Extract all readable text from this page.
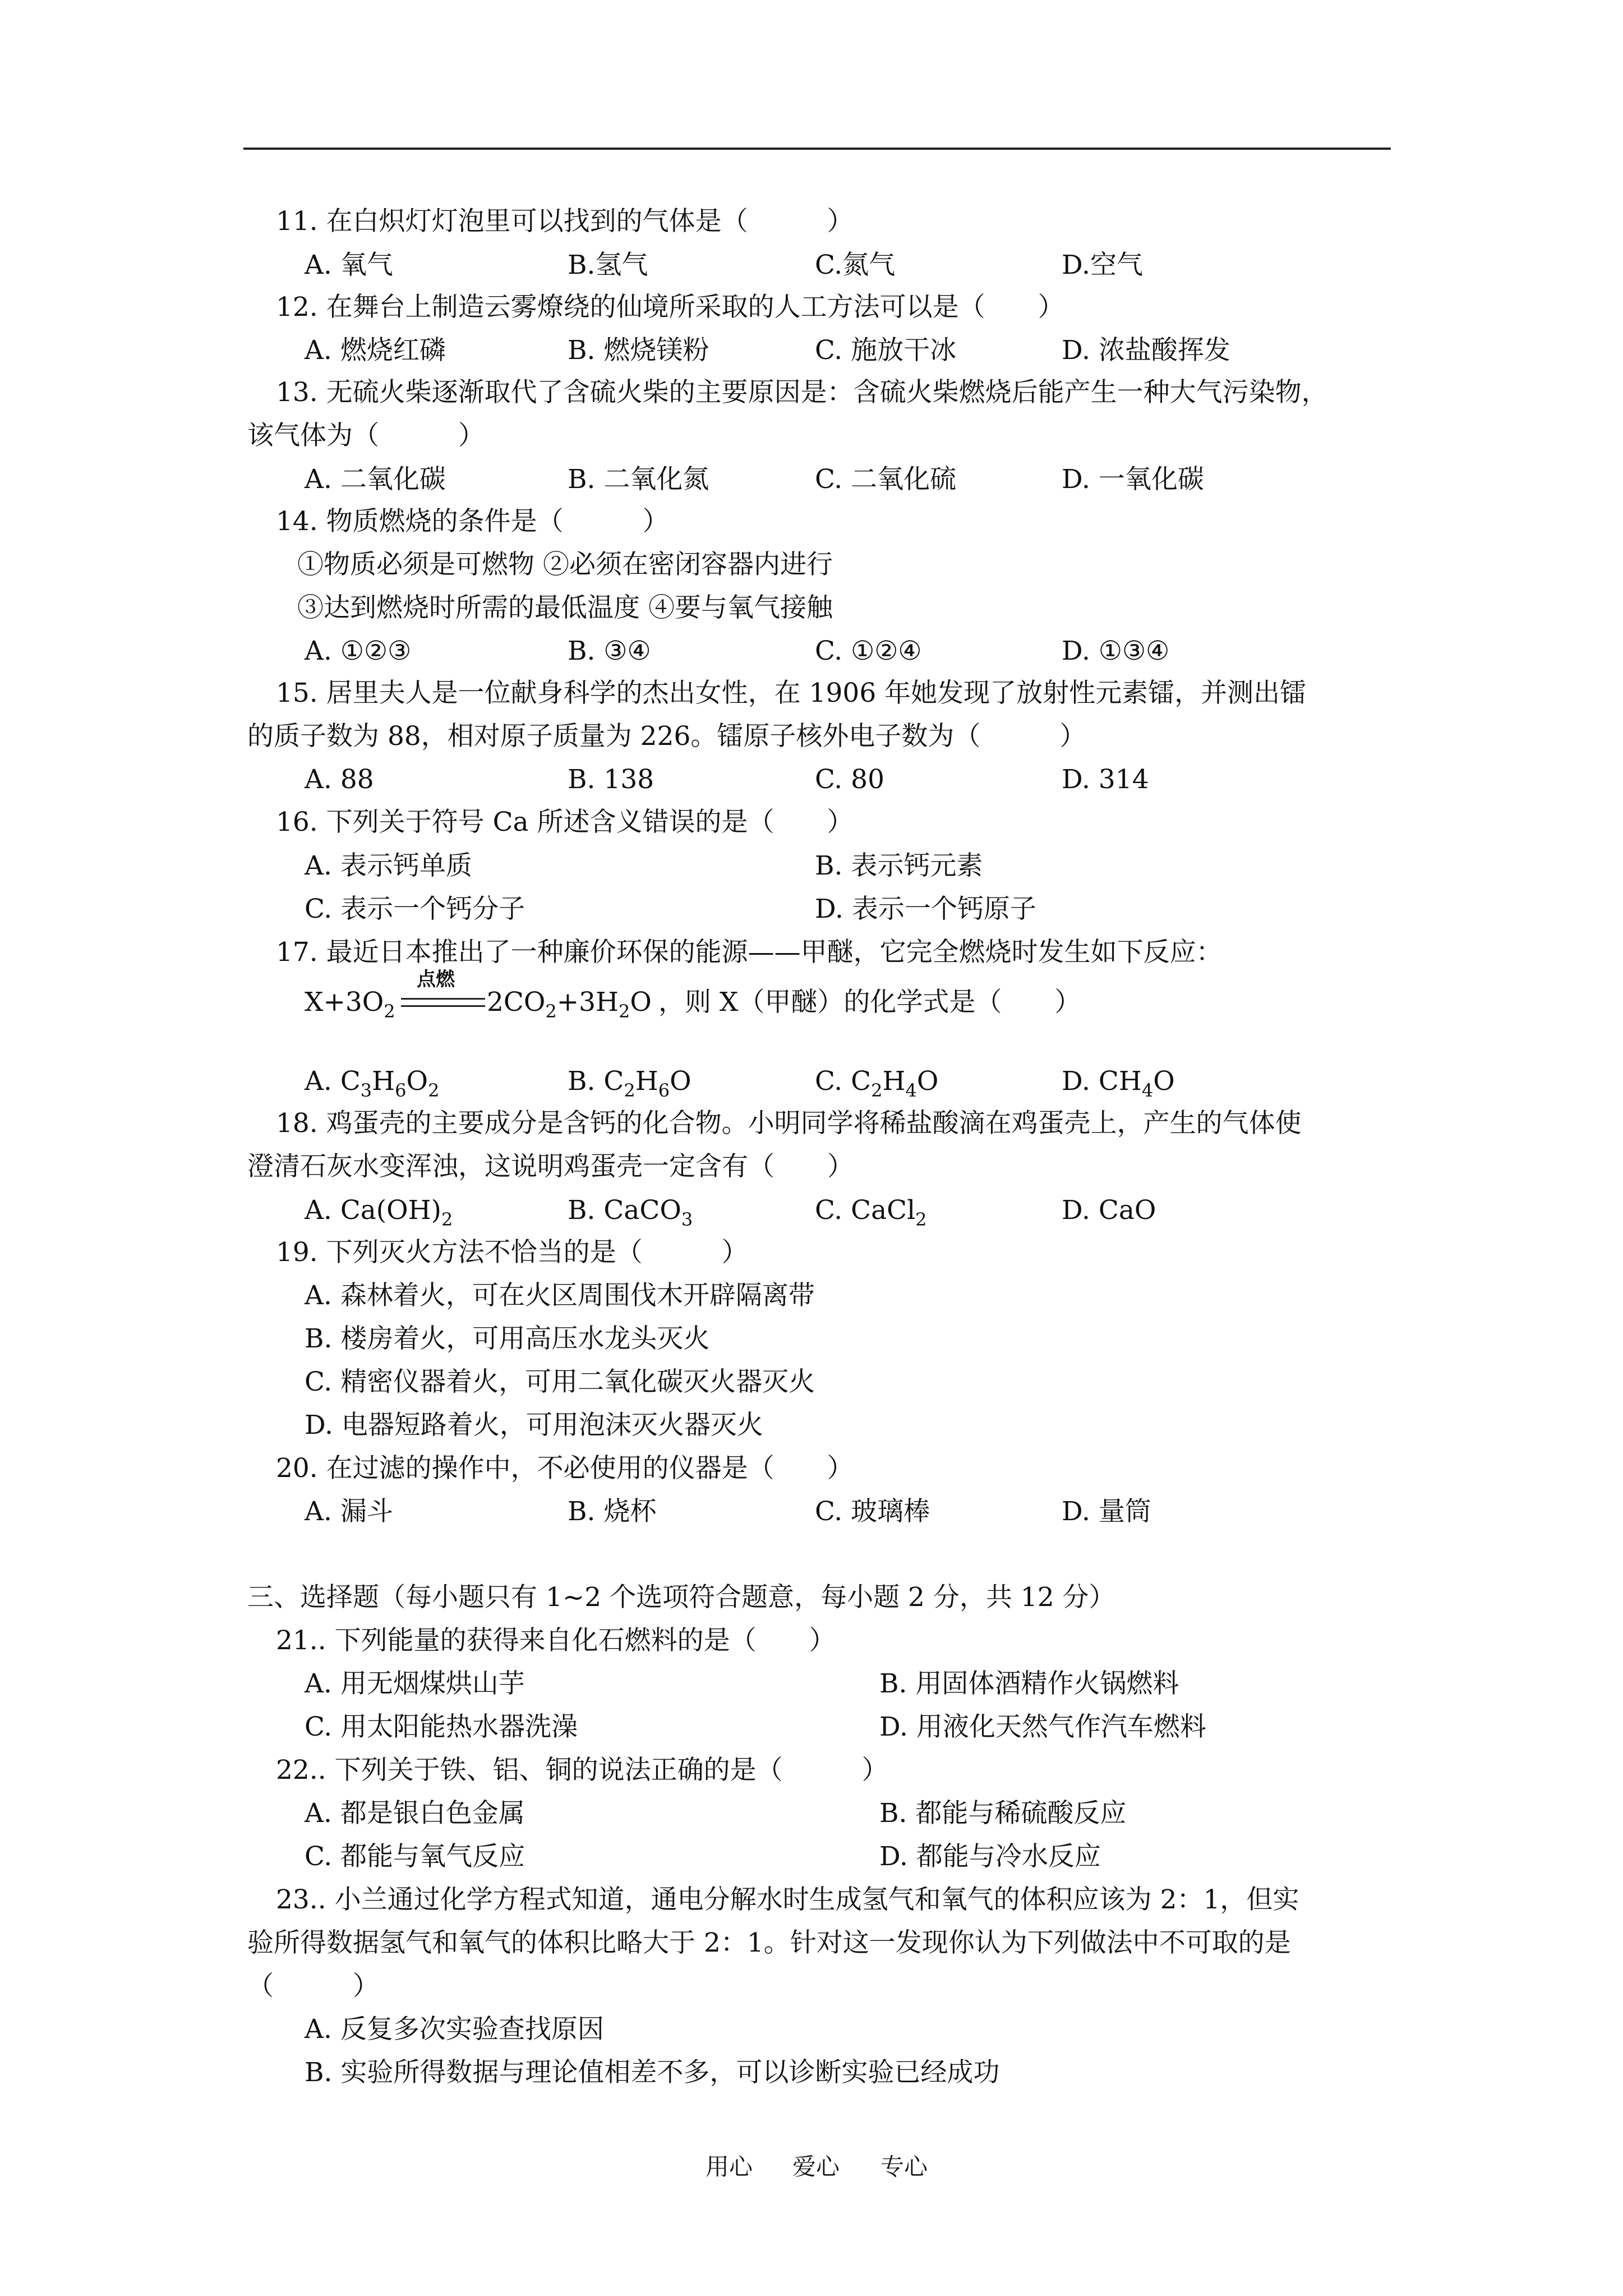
11. 在白炽灯灯泡里可以找到的气体是（　　　）
A. 氧气	B.氢气	C.氮气	D.空气
12. 在舞台上制造云雾燎绕的仙境所采取的人工方法可以是（　　）
A. 燃烧红磷	B. 燃烧镁粉	C. 施放干冰	D. 浓盐酸挥发
13. 无硫火柴逐渐取代了含硫火柴的主要原因是：含硫火柴燃烧后能产生一种大气污染物，
该气体为（　　　）
A. 二氧化碳	B. 二氧化氮	C. 二氧化硫	D. 一氧化碳
14. 物质燃烧的条件是（　　　）
①物质必须是可燃物 ②必须在密闭容器内进行
③达到燃烧时所需的最低温度 ④要与氧气接触
A. ①②③	B. ③④	C. ①②④	D. ①③④
15. 居里夫人是一位献身科学的杰出女性，在 1906 年她发现了放射性元素镭，并测出镭
的质子数为 88，相对原子质量为 226。镭原子核外电子数为（　　　）
A. 88	B. 138	C. 80	D. 314
16. 下列关于符号 Ca 所述含义错误的是（　　）
A. 表示钙单质	B. 表示钙元素
C. 表示一个钙分子	D. 表示一个钙原子
17. 最近日本推出了一种廉价环保的能源——甲醚，它完全燃烧时发生如下反应：
点燃
$X+3O_2$	$2CO_2+3H_2O$ ，则 X（甲醚）的化学式是（　　）
A. $C_3H_6O_2$	B. $C_2H_6O$	C. $C_2H_4O$	D. $CH_4O$
18. 鸡蛋壳的主要成分是含钙的化合物。小明同学将稀盐酸滴在鸡蛋壳上，产生的气体使
澄清石灰水变浑浊，这说明鸡蛋壳一定含有（　　）
A. $Ca(OH)_2$	B. CaCO$_3$	C. CaCl$_2$	D. CaO
19. 下列灭火方法不恰当的是（　　　）
A. 森林着火，可在火区周围伐木开辟隔离带
B. 楼房着火，可用高压水龙头灭火
C. 精密仪器着火，可用二氧化碳灭火器灭火
D. 电器短路着火，可用泡沫灭火器灭火
20. 在过滤的操作中，不必使用的仪器是（　　）
A. 漏斗	B. 烧杯	C. 玻璃棒	D. 量筒
三、选择题（每小题只有 1~2 个选项符合题意，每小题 2 分，共 12 分）
21.. 下列能量的获得来自化石燃料的是（　　）
A. 用无烟煤烘山芋	B. 用固体酒精作火锅燃料
C. 用太阳能热水器洗澡	D. 用液化天然气作汽车燃料
22.. 下列关于铁、铝、铜的说法正确的是（　　　）
A. 都是银白色金属	B. 都能与稀硫酸反应
C. 都能与氧气反应	D. 都能与冷水反应
23.. 小兰通过化学方程式知道，通电分解水时生成氢气和氧气的体积应该为 2：1，但实
验所得数据氢气和氧气的体积比略大于 2：1。针对这一发现你认为下列做法中不可取的是
（　　　）
A. 反复多次实验查找原因
B. 实验所得数据与理论值相差不多，可以诊断实验已经成功
用心 爱心 专心
